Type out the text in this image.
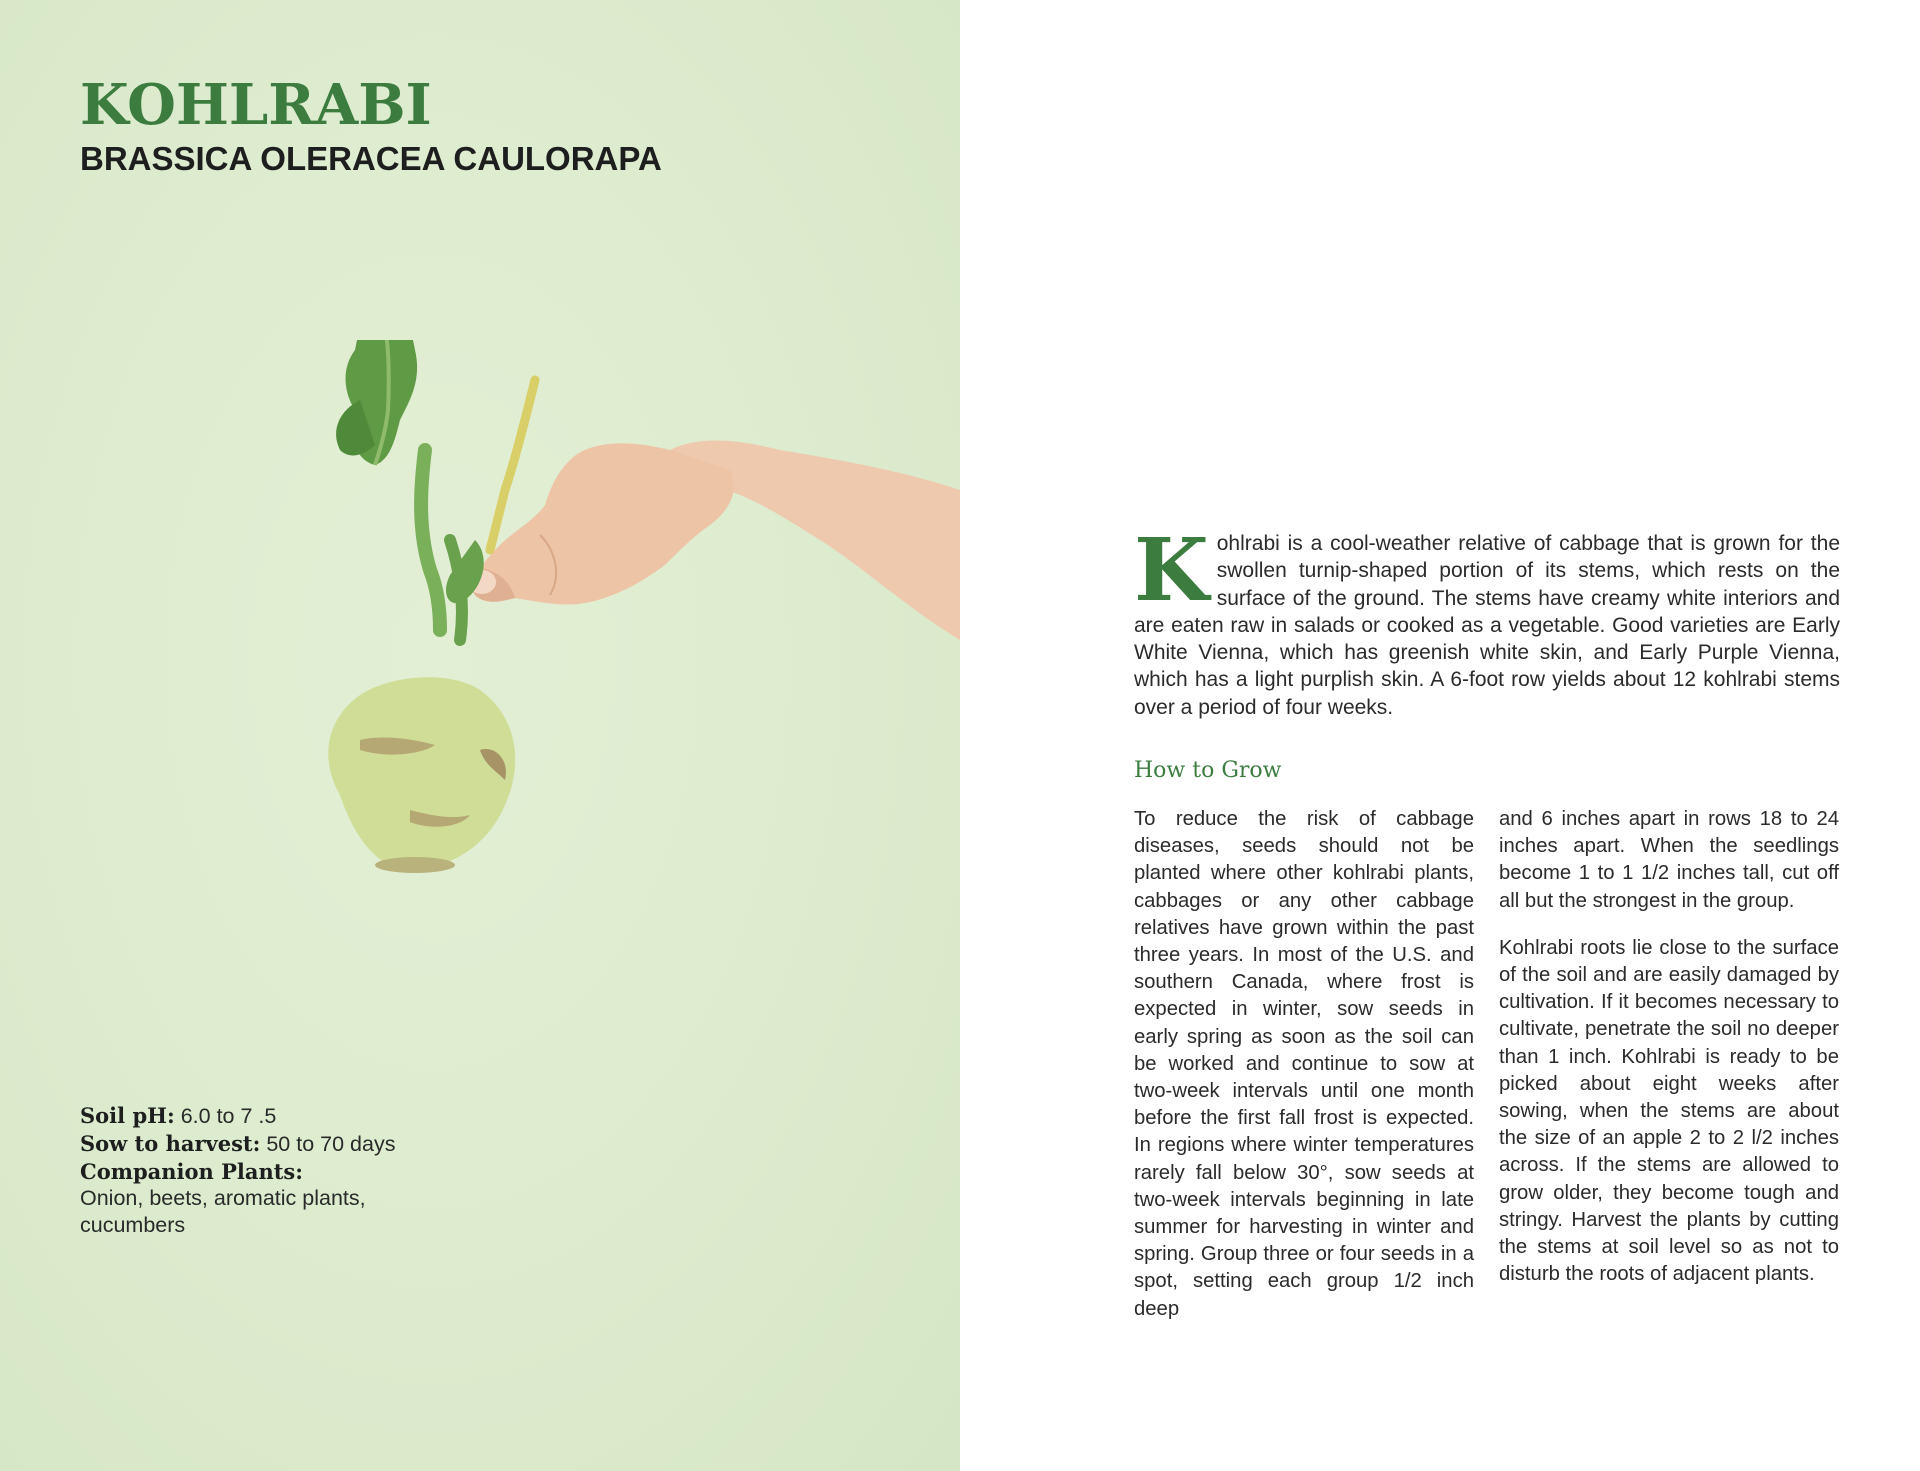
KOHLRABI
BRASSICA OLERACEA CAULORAPA

Soil pH: 6.0 to 7 .5

Sow to harvest: 50 to 70 days

Companion Plants:

Onion, beets, aromatic plants, cucumbers

Kohlrabi is a cool-weather relative of cabbage that is grown for the swollen turnip-shaped portion of its stems, which rests on the surface of the ground. The stems have creamy white interiors and are eaten raw in salads or cooked as a vegetable. Good varieties are Early White Vienna, which has greenish white skin, and Early Purple Vienna, which has a light purplish skin. A 6-foot row yields about 12 kohlrabi stems over a period of four weeks.

How to Grow

To reduce the risk of cabbage diseases, seeds should not be planted where other kohlrabi plants, cabbages or any other cabbage relatives have grown within the past three years. In most of the U.S. and southern Canada, where frost is expected in winter, sow seeds in early spring as soon as the soil can be worked and continue to sow at two-week intervals until one month before the first fall frost is expected. In regions where winter temperatures rarely fall below 30°, sow seeds at two-week intervals beginning in late summer for harvesting in winter and spring. Group three or four seeds in a spot, setting each group 1/2 inch deep

and 6 inches apart in rows 18 to 24 inches apart. When the seedlings become 1 to 1 1/2 inches tall, cut off all but the strongest in the group.

Kohlrabi roots lie close to the surface of the soil and are easily damaged by cultivation. If it becomes necessary to cultivate, penetrate the soil no deeper than 1 inch. Kohlrabi is ready to be picked about eight weeks after sowing, when the stems are about the size of an apple 2 to 2 l/2 inches across. If the stems are allowed to grow older, they become tough and stringy. Harvest the plants by cutting the stems at soil level so as not to disturb the roots of adjacent plants.
